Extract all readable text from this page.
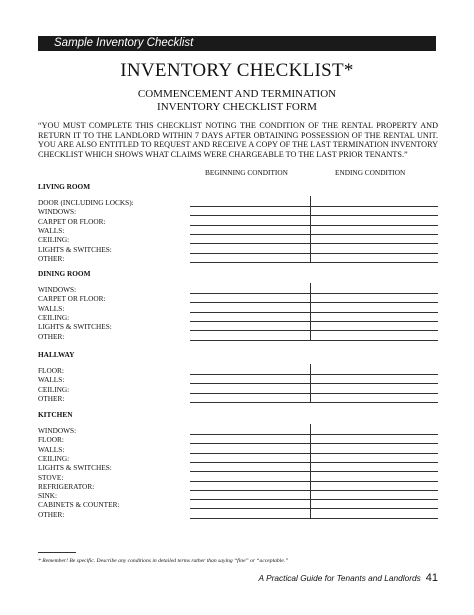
Sample Inventory Checklist
INVENTORY CHECKLIST*
COMMENCEMENT AND TERMINATION
INVENTORY CHECKLIST FORM
“YOU MUST COMPLETE THIS CHECKLIST NOTING THE CONDITION OF THE RENTAL PROPERTY AND RETURN IT TO THE LANDLORD WITHIN 7 DAYS AFTER OBTAINING POSSESSION OF THE RENTAL UNIT. YOU ARE ALSO ENTITLED TO REQUEST AND RECEIVE A COPY OF THE LAST TERMINATION INVENTORY CHECKLIST WHICH SHOWS WHAT CLAIMS WERE CHARGEABLE TO THE LAST PRIOR TENANTS.”
BEGINNING CONDITION	ENDING CONDITION
LIVING ROOM
DOOR (INCLUDING LOCKS):
WINDOWS:
CARPET OR FLOOR:
WALLS:
CEILING:
LIGHTS & SWITCHES:
OTHER:
DINING ROOM
WINDOWS:
CARPET OR FLOOR:
WALLS:
CEILING:
LIGHTS & SWITCHES:
OTHER:
HALLWAY
FLOOR:
WALLS:
CEILING:
OTHER:
KITCHEN
WINDOWS:
FLOOR:
WALLS:
CEILING:
LIGHTS & SWITCHES:
STOVE:
REFRIGERATOR:
SINK:
CABINETS & COUNTER:
OTHER:
* Remember! Be specific. Describe any conditions in detailed terms rather than saying “fine” or “acceptable.”
A Practical Guide for Tenants and Landlords 41
